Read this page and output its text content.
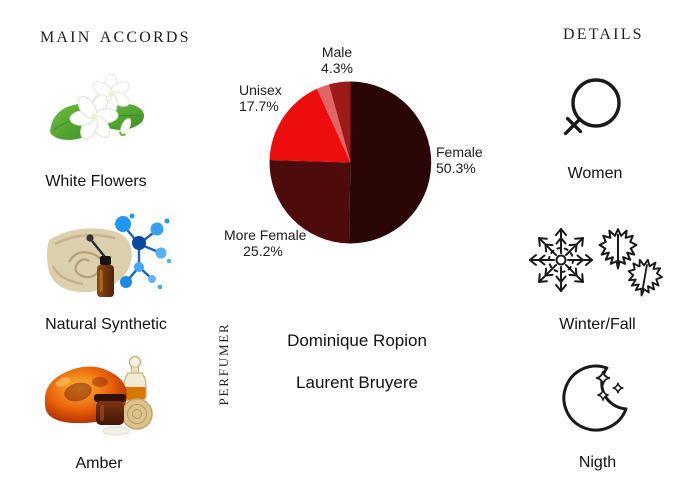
MAIN ACCORDS
White Flowers
Natural Synthetic
Amber
Male
4.3%
Unisex
17.7%
Female
50.3%
More Female
25.2%
PERFUMER	Dominique Ropion
Laurent Bruyere
DETAILS
Women
Winter/Fall
Nigth
